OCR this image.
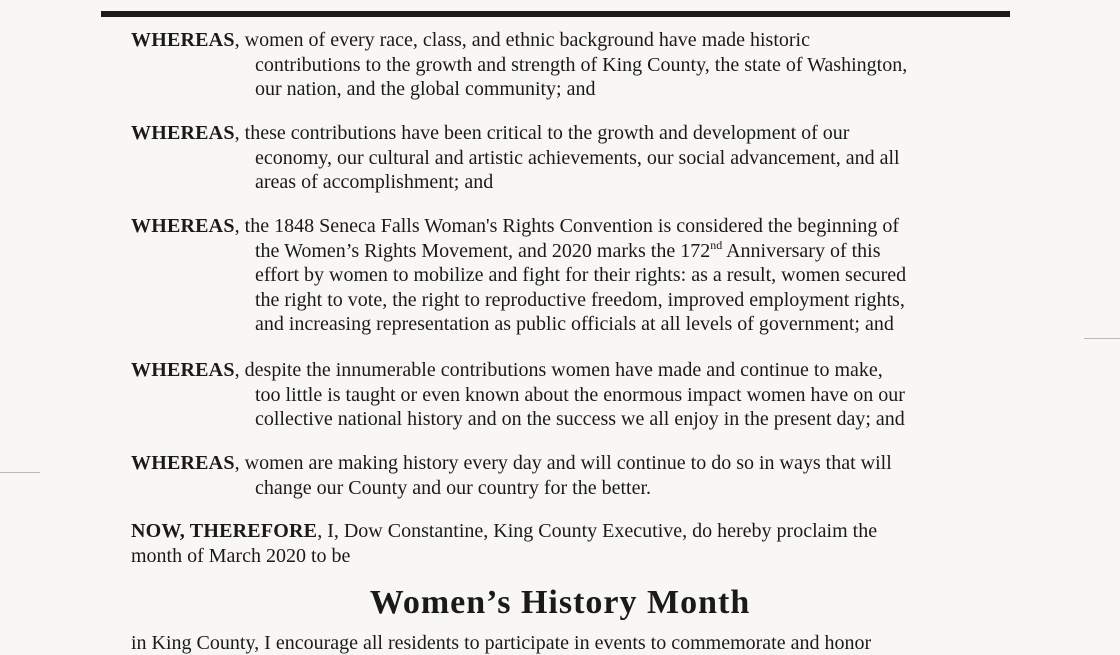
WHEREAS, women of every race, class, and ethnic background have made historic
contributions to the growth and strength of King County, the state of Washington,
our nation, and the global community; and

WHEREAS, these contributions have been critical to the growth and development of our
economy, our cultural and artistic achievements, our social advancement, and all
areas of accomplishment; and

WHEREAS, the 1848 Seneca Falls Woman's Rights Convention is considered the beginning of
the Women’s Rights Movement, and 2020 marks the 172nd Anniversary of this
effort by women to mobilize and fight for their rights: as a result, women secured
the right to vote, the right to reproductive freedom, improved employment rights,
and increasing representation as public officials at all levels of government; and

WHEREAS, despite the innumerable contributions women have made and continue to make,
too little is taught or even known about the enormous impact women have on our
collective national history and on the success we all enjoy in the present day; and

WHEREAS, women are making history every day and will continue to do so in ways that will
change our County and our country for the better.

NOW, THEREFORE, I, Dow Constantine, King County Executive, do hereby proclaim the
month of March 2020 to be

Women’s History Month
in King County, I encourage all residents to participate in events to commemorate and honor
